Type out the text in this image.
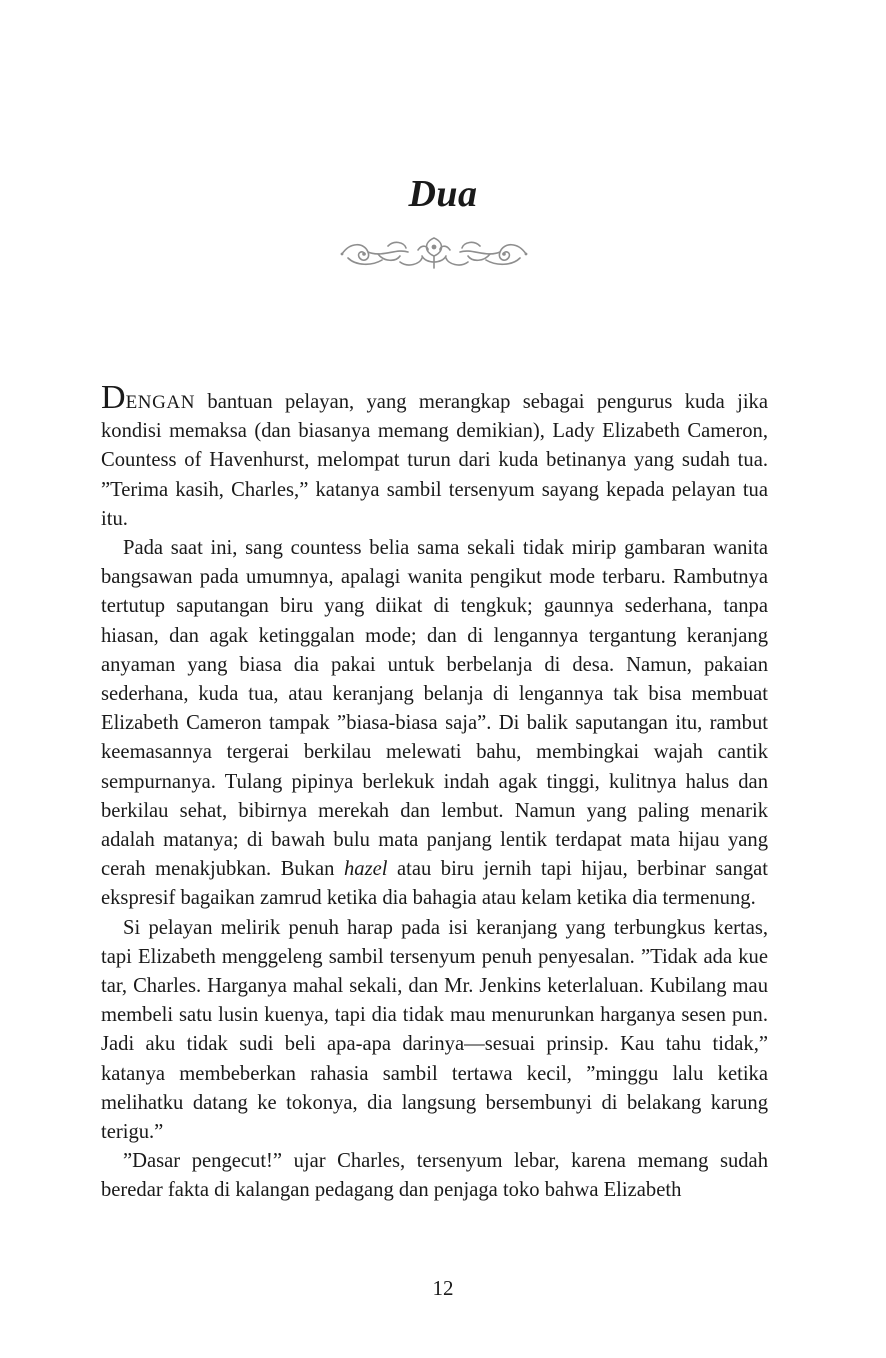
Dua

DENGAN bantuan pelayan, yang merangkap sebagai pengurus kuda jika kondisi memaksa (dan biasanya memang demikian), Lady Elizabeth Cameron, Countess of Havenhurst, melompat turun dari kuda betinanya yang sudah tua. ”Terima kasih, Charles,” katanya sambil tersenyum sayang kepada pelayan tua itu.

Pada saat ini, sang countess belia sama sekali tidak mirip gambaran wanita bangsawan pada umumnya, apalagi wanita pengikut mode terbaru. Rambutnya tertutup saputangan biru yang diikat di tengkuk; gaunnya sederhana, tanpa hiasan, dan agak ketinggalan mode; dan di lengannya tergantung keranjang anyaman yang biasa dia pakai untuk berbelanja di desa. Namun, pakaian sederhana, kuda tua, atau keranjang belanja di lengannya tak bisa membuat Elizabeth Cameron tampak ”biasa-biasa saja”. Di balik saputangan itu, rambut keemasannya tergerai berkilau melewati bahu, membingkai wajah cantik sempurnanya. Tulang pipinya berlekuk indah agak tinggi, kulitnya halus dan berkilau sehat, bibirnya merekah dan lembut. Namun yang paling menarik adalah matanya; di bawah bulu mata panjang lentik terdapat mata hijau yang cerah menakjubkan. Bukan hazel atau biru jernih tapi hijau, berbinar sangat ekspresif bagaikan zamrud ketika dia bahagia atau kelam ketika dia termenung.

Si pelayan melirik penuh harap pada isi keranjang yang terbungkus kertas, tapi Elizabeth menggeleng sambil tersenyum penuh penyesalan. ”Tidak ada kue tar, Charles. Harganya mahal sekali, dan Mr. Jenkins keterlaluan. Kubilang mau membeli satu lusin kuenya, tapi dia tidak mau menurunkan harganya sesen pun. Jadi aku tidak sudi beli apa-apa darinya—sesuai prinsip. Kau tahu tidak,” katanya membeberkan rahasia sambil tertawa kecil, ”minggu lalu ketika melihatku datang ke tokonya, dia langsung bersembunyi di belakang karung terigu.”

”Dasar pengecut!” ujar Charles, tersenyum lebar, karena memang sudah beredar fakta di kalangan pedagang dan penjaga toko bahwa Elizabeth

12
